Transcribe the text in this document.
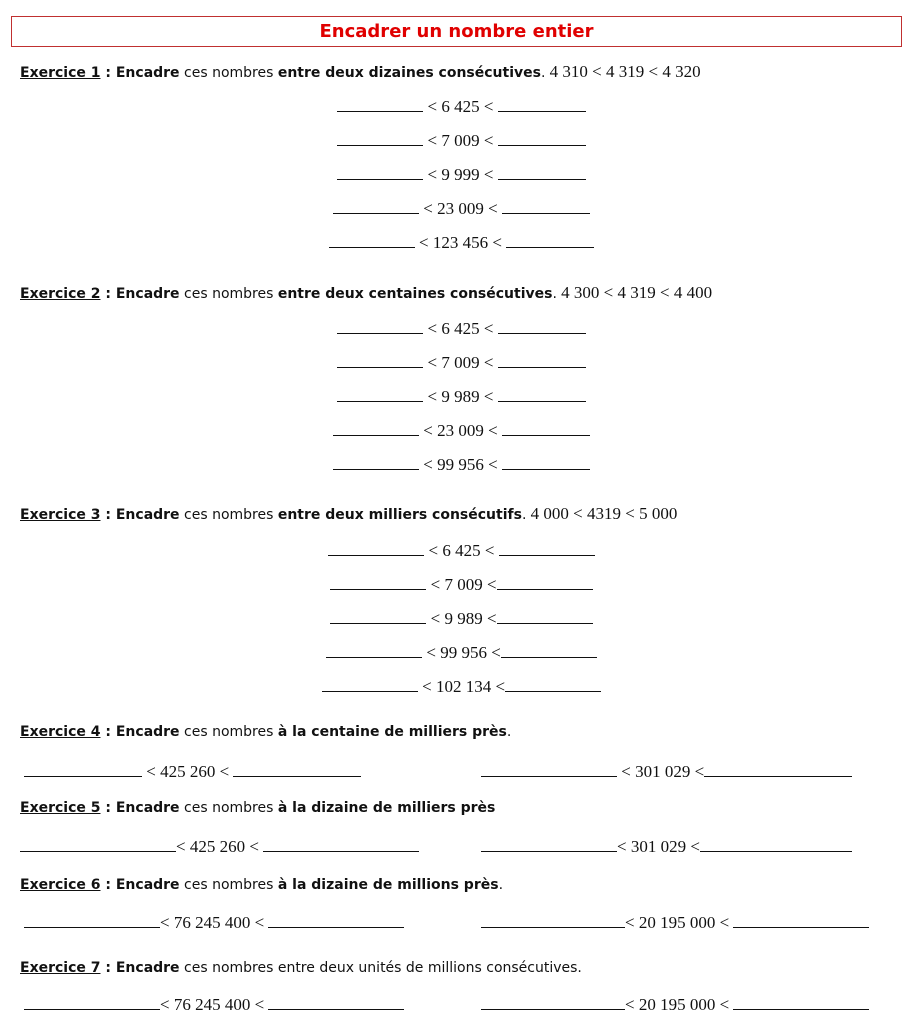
Encadrer un nombre entier
Exercice 1 : Encadre ces nombres entre deux dizaines consécutives. 4 310 < 4 319 < 4 320
< 6 425 <
< 7 009 <
< 9 999 <
< 23 009 <
< 123 456 <
Exercice 2 : Encadre ces nombres entre deux centaines consécutives. 4 300 < 4 319 < 4 400
< 6 425 <
< 7 009 <
< 9 989 <
< 23 009 <
< 99 956 <
Exercice 3 : Encadre ces nombres entre deux milliers consécutifs. 4 000 < 4319 < 5 000
< 6 425 <
< 7 009 <
< 9 989 <
< 99 956 <
< 102 134 <
Exercice 4 : Encadre ces nombres à la centaine de milliers près.
< 425 260 <	< 301 029 <
Exercice 5 : Encadre ces nombres à la dizaine de milliers près
< 425 260 <	< 301 029 <
Exercice 6 : Encadre ces nombres à la dizaine de millions près.
< 76 245 400 <	< 20 195 000 <
Exercice 7 : Encadre ces nombres entre deux unités de millions consécutives.
< 76 245 400 <	< 20 195 000 <
